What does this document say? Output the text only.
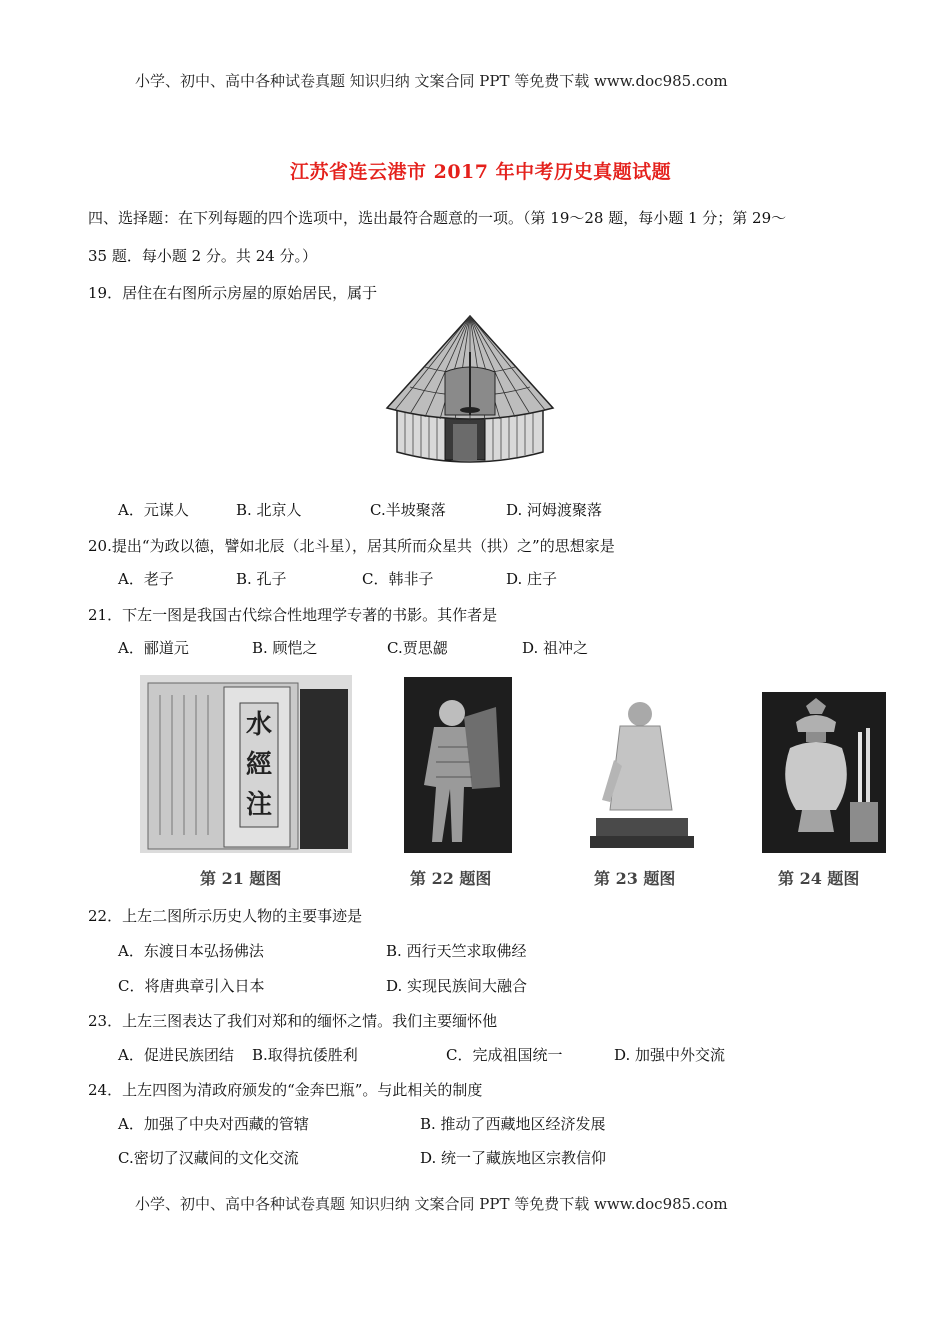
小学、初中、高中各种试卷真题 知识归纳 文案合同 PPT 等免费下载 www.doc985.com
江苏省连云港市 2017 年中考历史真题试题
四、选择题：在下列每题的四个选项中，选出最符合题意的一项。（第 19～28 题，每小题 1 分；第 29～
35 题．每小题 2 分。共 24 分。）
19．居住在右图所示房屋的原始居民，属于
A．元谋人	B. 北京人	C.半坡聚落	D. 河姆渡聚落
20.提出“为政以德，譬如北辰（北斗星），居其所而众星共（拱）之”的思想家是
A．老子	B. 孔子	C．韩非子	D. 庄子
21．下左一图是我国古代综合性地理学专著的书影。其作者是
A．郦道元	B. 顾恺之	C.贾思勰	D. 祖冲之
水經注
第 21 题图	第 22 题图	第 23 题图	第 24 题图
22．上左二图所示历史人物的主要事迹是
A．东渡日本弘扬佛法	B. 西行天竺求取佛经
C．将唐典章引入日本	D. 实现民族间大融合
23．上左三图表达了我们对郑和的缅怀之情。我们主要缅怀他
A．促进民族团结 B.取得抗倭胜利	C．完成祖国统一	D. 加强中外交流
24．上左四图为清政府颁发的“金奔巴瓶”。与此相关的制度
A．加强了中央对西藏的管辖	B. 推动了西藏地区经济发展
C.密切了汉藏间的文化交流	D. 统一了藏族地区宗教信仰
小学、初中、高中各种试卷真题 知识归纳 文案合同 PPT 等免费下载 www.doc985.com
